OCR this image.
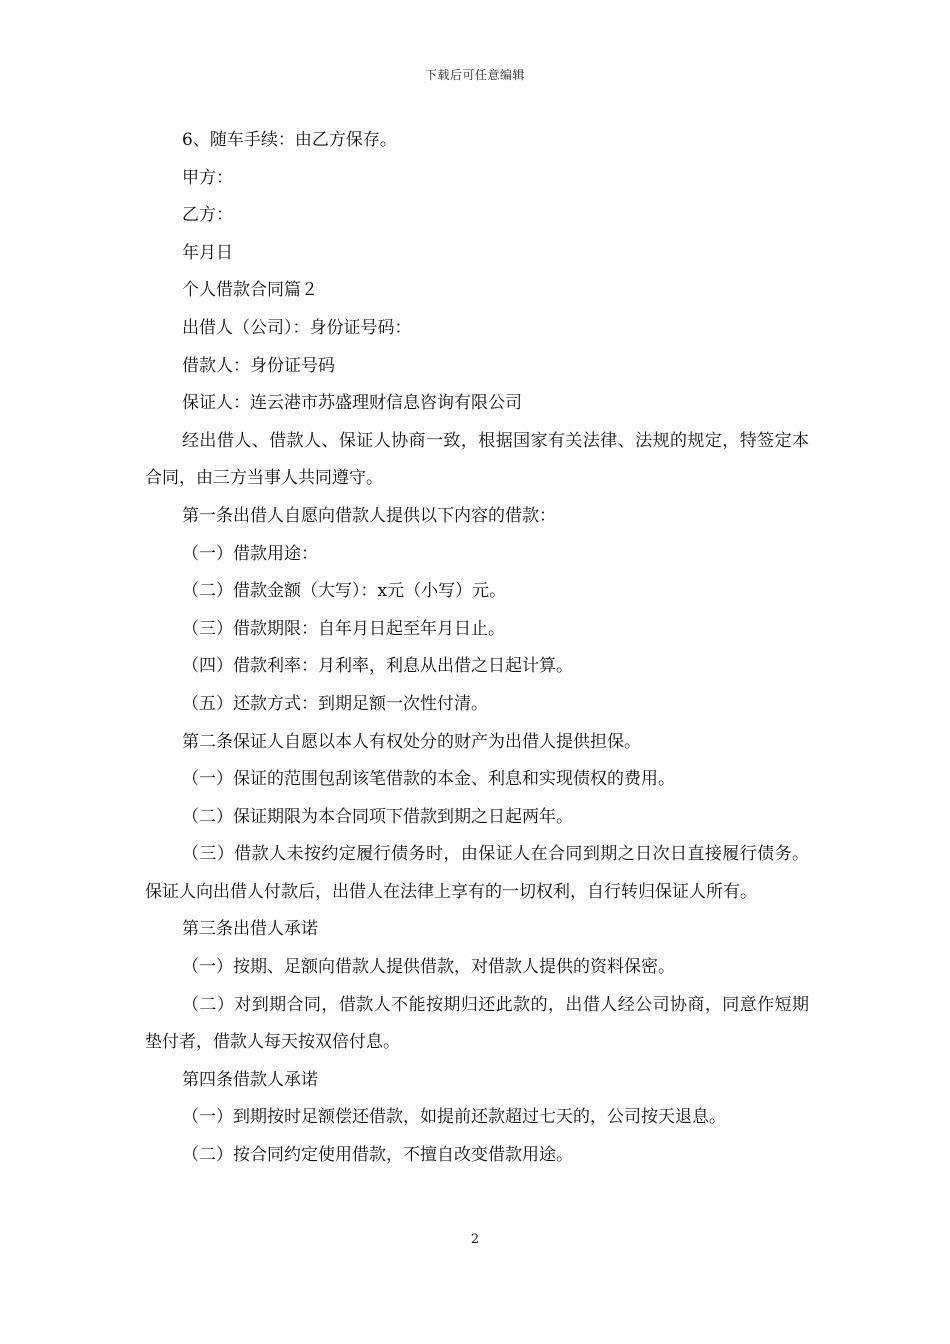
下载后可任意编辑

6、随车手续：由乙方保存。

甲方：

乙方：

年月日

个人借款合同篇２

出借人（公司）：身份证号码：

借款人：身份证号码

保证人：连云港市苏盛理财信息咨询有限公司

经出借人、借款人、保证人协商一致，根据国家有关法律、法规的规定，特签定本合同，由三方当事人共同遵守。

第一条出借人自愿向借款人提供以下内容的借款：

（一）借款用途：

（二）借款金额（大写）：x元（小写）元。

（三）借款期限：自年月日起至年月日止。

（四）借款利率：月利率，利息从出借之日起计算。

（五）还款方式：到期足额一次性付清。

第二条保证人自愿以本人有权处分的财产为出借人提供担保。

（一）保证的范围包刮该笔借款的本金、利息和实现债权的费用。

（二）保证期限为本合同项下借款到期之日起两年。

（三）借款人未按约定履行债务时，由保证人在合同到期之日次日直接履行债务。保证人向出借人付款后，出借人在法律上享有的一切权利，自行转归保证人所有。

第三条出借人承诺

（一）按期、足额向借款人提供借款，对借款人提供的资料保密。

（二）对到期合同，借款人不能按期归还此款的，出借人经公司协商，同意作短期垫付者，借款人每天按双倍付息。

第四条借款人承诺

（一）到期按时足额偿还借款，如提前还款超过七天的，公司按天退息。

（二）按合同约定使用借款，不擅自改变借款用途。

2
